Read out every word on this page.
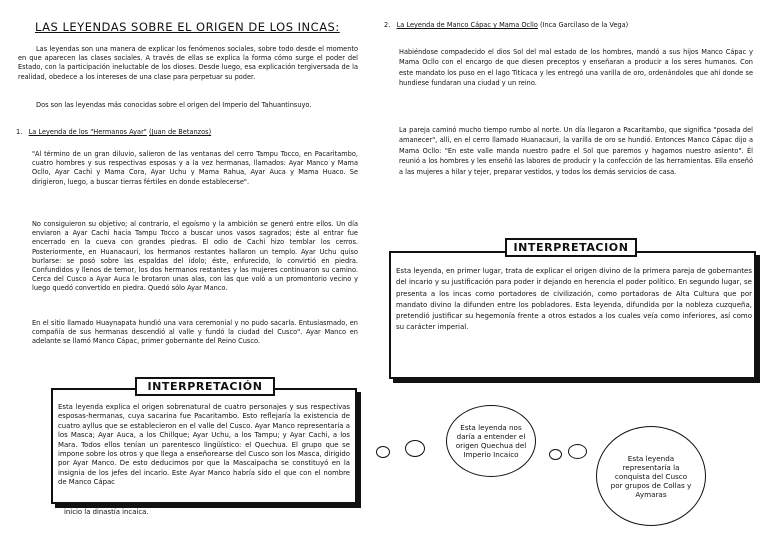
LAS LEYENDAS SOBRE EL ORIGEN DE LOS INCAS:
Las leyendas son una manera de explicar los fenómenos sociales, sobre todo desde el momento en que aparecen las clases sociales. A través de ellas se explica la forma cómo surge el poder del Estado, con la participación ineluctable de los dioses. Desde luego, esa explicación tergiversada de la realidad, obedece a los intereses de una clase para perpetuar su poder.
Dos son las leyendas más conocidas sobre el origen del Imperio del Tahuantinsuyo.
1. La Leyenda de los "Hermanos Ayar" (Juan de Betanzos)
"Al término de un gran diluvio, salieron de las ventanas del cerro Tampu Tocco, en Pacaritambo, cuatro hombres y sus respectivas esposas y a la vez hermanas, llamados: Ayar Manco y Mama Ocllo, Ayar Cachi y Mama Cora, Ayar Uchu y Mama Rahua, Ayar Auca y Mama Huaco. Se dirigieron, luego, a buscar tierras fértiles en donde establecerse".
No consiguieron su objetivo; al contrario, el egoísmo y la ambición se generó entre ellos. Un día enviaron a Ayar Cachi hacia Tampu Tocco a buscar unos vasos sagrados; éste al entrar fue encerrado en la cueva con grandes piedras. El odio de Cachi hizo temblar los cerros. Posteriormente, en Huanacauri, los hermanos restantes hallaron un templo. Ayar Uchu quiso burlarse: se posó sobre las espaldas del ídolo; éste, enfurecido, lo convirtió en piedra. Confundidos y llenos de temor, los dos hermanos restantes y las mujeres continuaron su camino. Cerca del Cusco a Ayar Auca le brotaron unas alas, con las que voló a un promontorio vecino y luego quedó convertido en piedra. Quedó sólo Ayar Manco.
En el sitio llamado Huaynapata hundió una vara ceremonial y no pudo sacarla. Entusiasmado, en compañía de sus hermanas descendió al valle y fundó la ciudad del Cusco". Ayar Manco en adelante se llamó Manco Cápac, primer gobernante del Reino Cusco.
Esta leyenda explica el origen sobrenatural de cuatro personajes y sus respectivas esposas-hermanas, cuya sacarina fue Pacaritambo. Esto reflejaría la existencia de cuatro ayllus que se establecieron en el valle del Cusco. Ayar Manco representaría a los Masca; Ayar Auca, a los Chillque; Ayar Uchu, a los Tampu; y Ayar Cachi, a los Mara. Todos ellos tenían un parentesco lingüístico: el Quechua. El grupo que se impone sobre los otros y que llega a enseñorearse del Cusco son los Masca, dirigido por Ayar Manco. De esto deducimos por que la Mascaipacha se constituyó en la insignia de los jefes del incario. Este Ayar Manco habría sido el que con el nombre de Manco Cápac
INTERPRETACIÓN
inicio la dinastía incaica.
2. La Leyenda de Manco Cápac y Mama Ocllo (Inca Garcilaso de la Vega)
Habiéndose compadecido el dios Sol del mal estado de los hombres, mandó a sus hijos Manco Cápac y Mama Ocllo con el encargo de que diesen preceptos y enseñaran a producir a los seres humanos. Con este mandato los puso en el lago Titicaca y les entregó una varilla de oro, ordenándoles que ahí donde se hundiese fundaran una ciudad y un reino.
La pareja caminó mucho tiempo rumbo al norte. Un día llegaron a Pacaritambo, que significa "posada del amanecer", allí, en el cerro llamado Huanacauri, la varilla de oro se hundió. Entonces Manco Cápac dijo a Mama Ocllo: "En este valle manda nuestro padre el Sol que paremos y hagamos nuestro asiento". Él reunió a los hombres y les enseñó las labores de producir y la confección de las herramientas. Ella enseñó a las mujeres a hilar y tejer, preparar vestidos, y todos los demás servicios de casa.
Esta leyenda, en primer lugar, trata de explicar el origen divino de la primera pareja de gobernantes del incario y su justificación para poder ir dejando en herencia el poder político. En segundo lugar, se presenta a los incas como portadores de civilización, como portadoras de Alta Cultura que por mandato divino la difunden entre los pobladores. Esta leyenda, difundida por la nobleza cuzqueña, pretendió justificar su hegemonía frente a otros estados a los cuales veía como inferiores, así como su carácter imperial.
INTERPRETACION
Esta leyenda nos daría a entender el origen Quechua del Imperio Incaico	Esta leyenda representaría la conquista del Cusco por grupos de Collas y Aymaras
